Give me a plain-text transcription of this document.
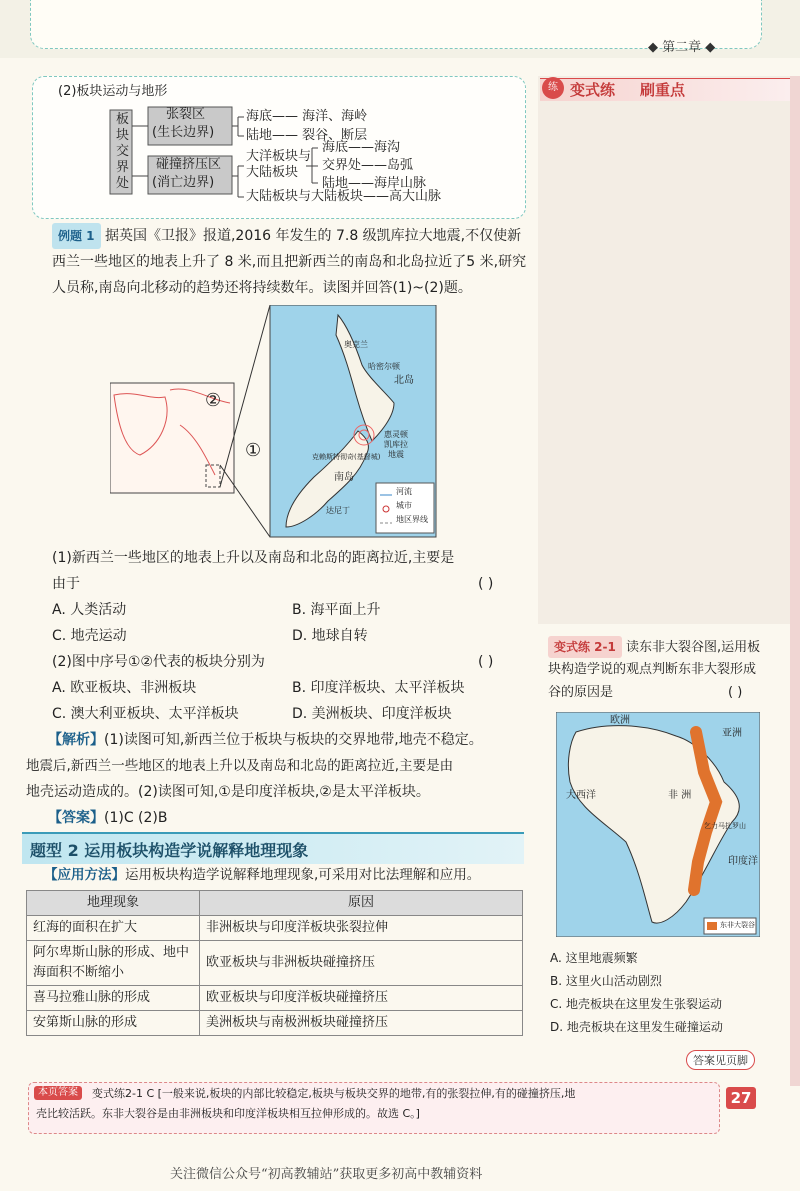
◆ 第二章 ◆
练 变式练 刷重点
(2)板块运动与地形
板
块
交
界
处
张裂区
(生长边界)
碰撞挤压区
(消亡边界)
海底—— 海洋、海岭
陆地—— 裂谷、断层
大洋板块与
大陆板块
海底——海沟
交界处——岛弧
陆地——海岸山脉
大陆板块与大陆板块——高大山脉
例题 1 据英国《卫报》报道,2016 年发生的 7.8 级凯库拉大地震,不仅使新
西兰一些地区的地表上升了 8 米,而且把新西兰的南岛和北岛拉近了5 米,研究
人员称,南岛向北移动的趋势还将持续数年。读图并回答(1)~(2)题。
①
②
奥克兰
哈密尔顿
北岛
惠灵顿
凯库拉
地震
克赖斯特彻奇(基督城)
南岛
达尼丁
河流
城市
地区界线
(1)新西兰一些地区的地表上升以及南岛和北岛的距离拉近,主要是
由于	( )
A. 人类活动	B. 海平面上升
C. 地壳运动	D. 地球自转
(2)图中序号①②代表的板块分别为	( )
A. 欧亚板块、非洲板块	B. 印度洋板块、太平洋板块
C. 澳大利亚板块、太平洋板块	D. 美洲板块、印度洋板块
【解析】(1)读图可知,新西兰位于板块与板块的交界地带,地壳不稳定。
地震后,新西兰一些地区的地表上升以及南岛和北岛的距离拉近,主要是由
地壳运动造成的。(2)读图可知,①是印度洋板块,②是太平洋板块。
【答案】(1)C (2)B
题型 2 运用板块构造学说解释地理现象
【应用方法】运用板块构造学说解释地理现象,可采用对比法理解和应用。
地理现象	原因
红海的面积在扩大	非洲板块与印度洋板块张裂拉伸
阿尔卑斯山脉的形成、地中海面积不断缩小	欧亚板块与非洲板块碰撞挤压
喜马拉雅山脉的形成	欧亚板块与印度洋板块碰撞挤压
安第斯山脉的形成	美洲板块与南极洲板块碰撞挤压
变式练 2-1 读东非大裂谷图,运用板
块构造学说的观点判断东非大裂形成
谷的原因是	( )
欧洲
亚洲
非 洲
大西洋
印度洋
乞力马扎罗山
东非大裂谷
A. 这里地震频繁
B. 这里火山活动剧烈
C. 地壳板块在这里发生张裂运动
D. 地壳板块在这里发生碰撞运动
答案见页脚
本页答案	变式练2-1 C [一般来说,板块的内部比较稳定,板块与板块交界的地带,有的张裂拉伸,有的碰撞挤压,地
壳比较活跃。东非大裂谷是由非洲板块和印度洋板块相互拉伸形成的。故选 C。]
27
关注微信公众号“初高教辅站”获取更多初高中教辅资料
